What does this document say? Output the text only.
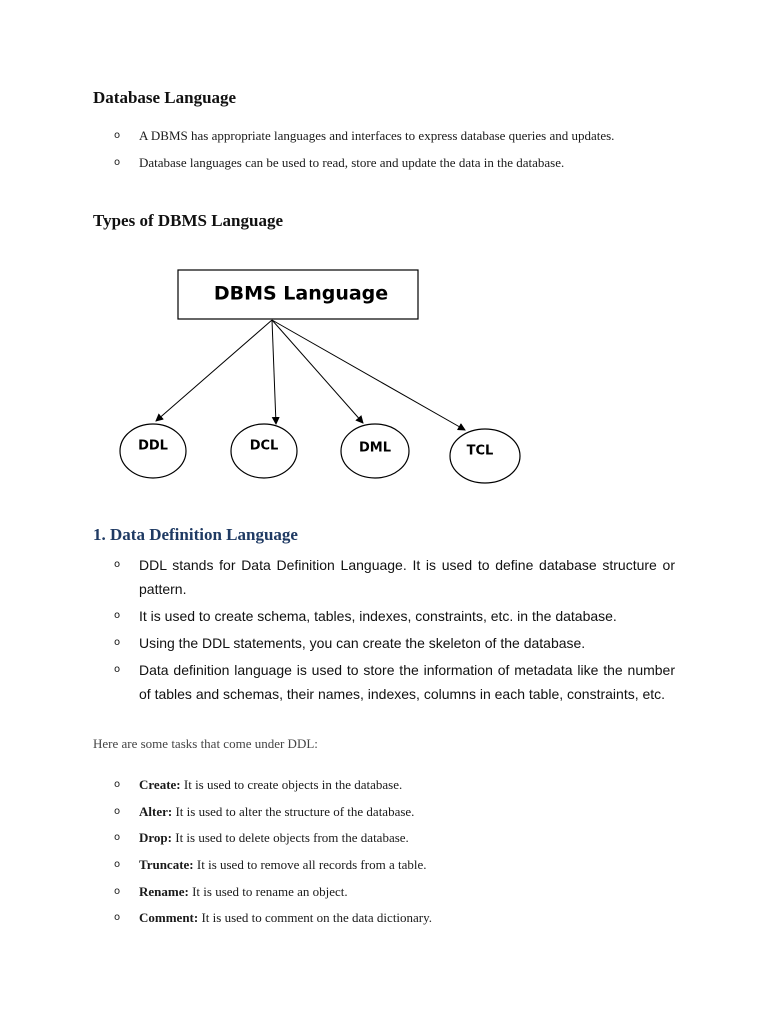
Database Language
o A DBMS has appropriate languages and interfaces to express database queries and updates.
o Database languages can be used to read, store and update the data in the database.
Types of DBMS Language
DBMS Language
DDL	DCL	DML	TCL
1. Data Definition Language
o DDL stands for Data Definition Language. It is used to define database structure or pattern.
o It is used to create schema, tables, indexes, constraints, etc. in the database.
o Using the DDL statements, you can create the skeleton of the database.
o Data definition language is used to store the information of metadata like the number of tables and schemas, their names, indexes, columns in each table, constraints, etc.

Here are some tasks that come under DDL:

o Create: It is used to create objects in the database.
o Alter: It is used to alter the structure of the database.
o Drop: It is used to delete objects from the database.
o Truncate: It is used to remove all records from a table.
o Rename: It is used to rename an object.
o Comment: It is used to comment on the data dictionary.
